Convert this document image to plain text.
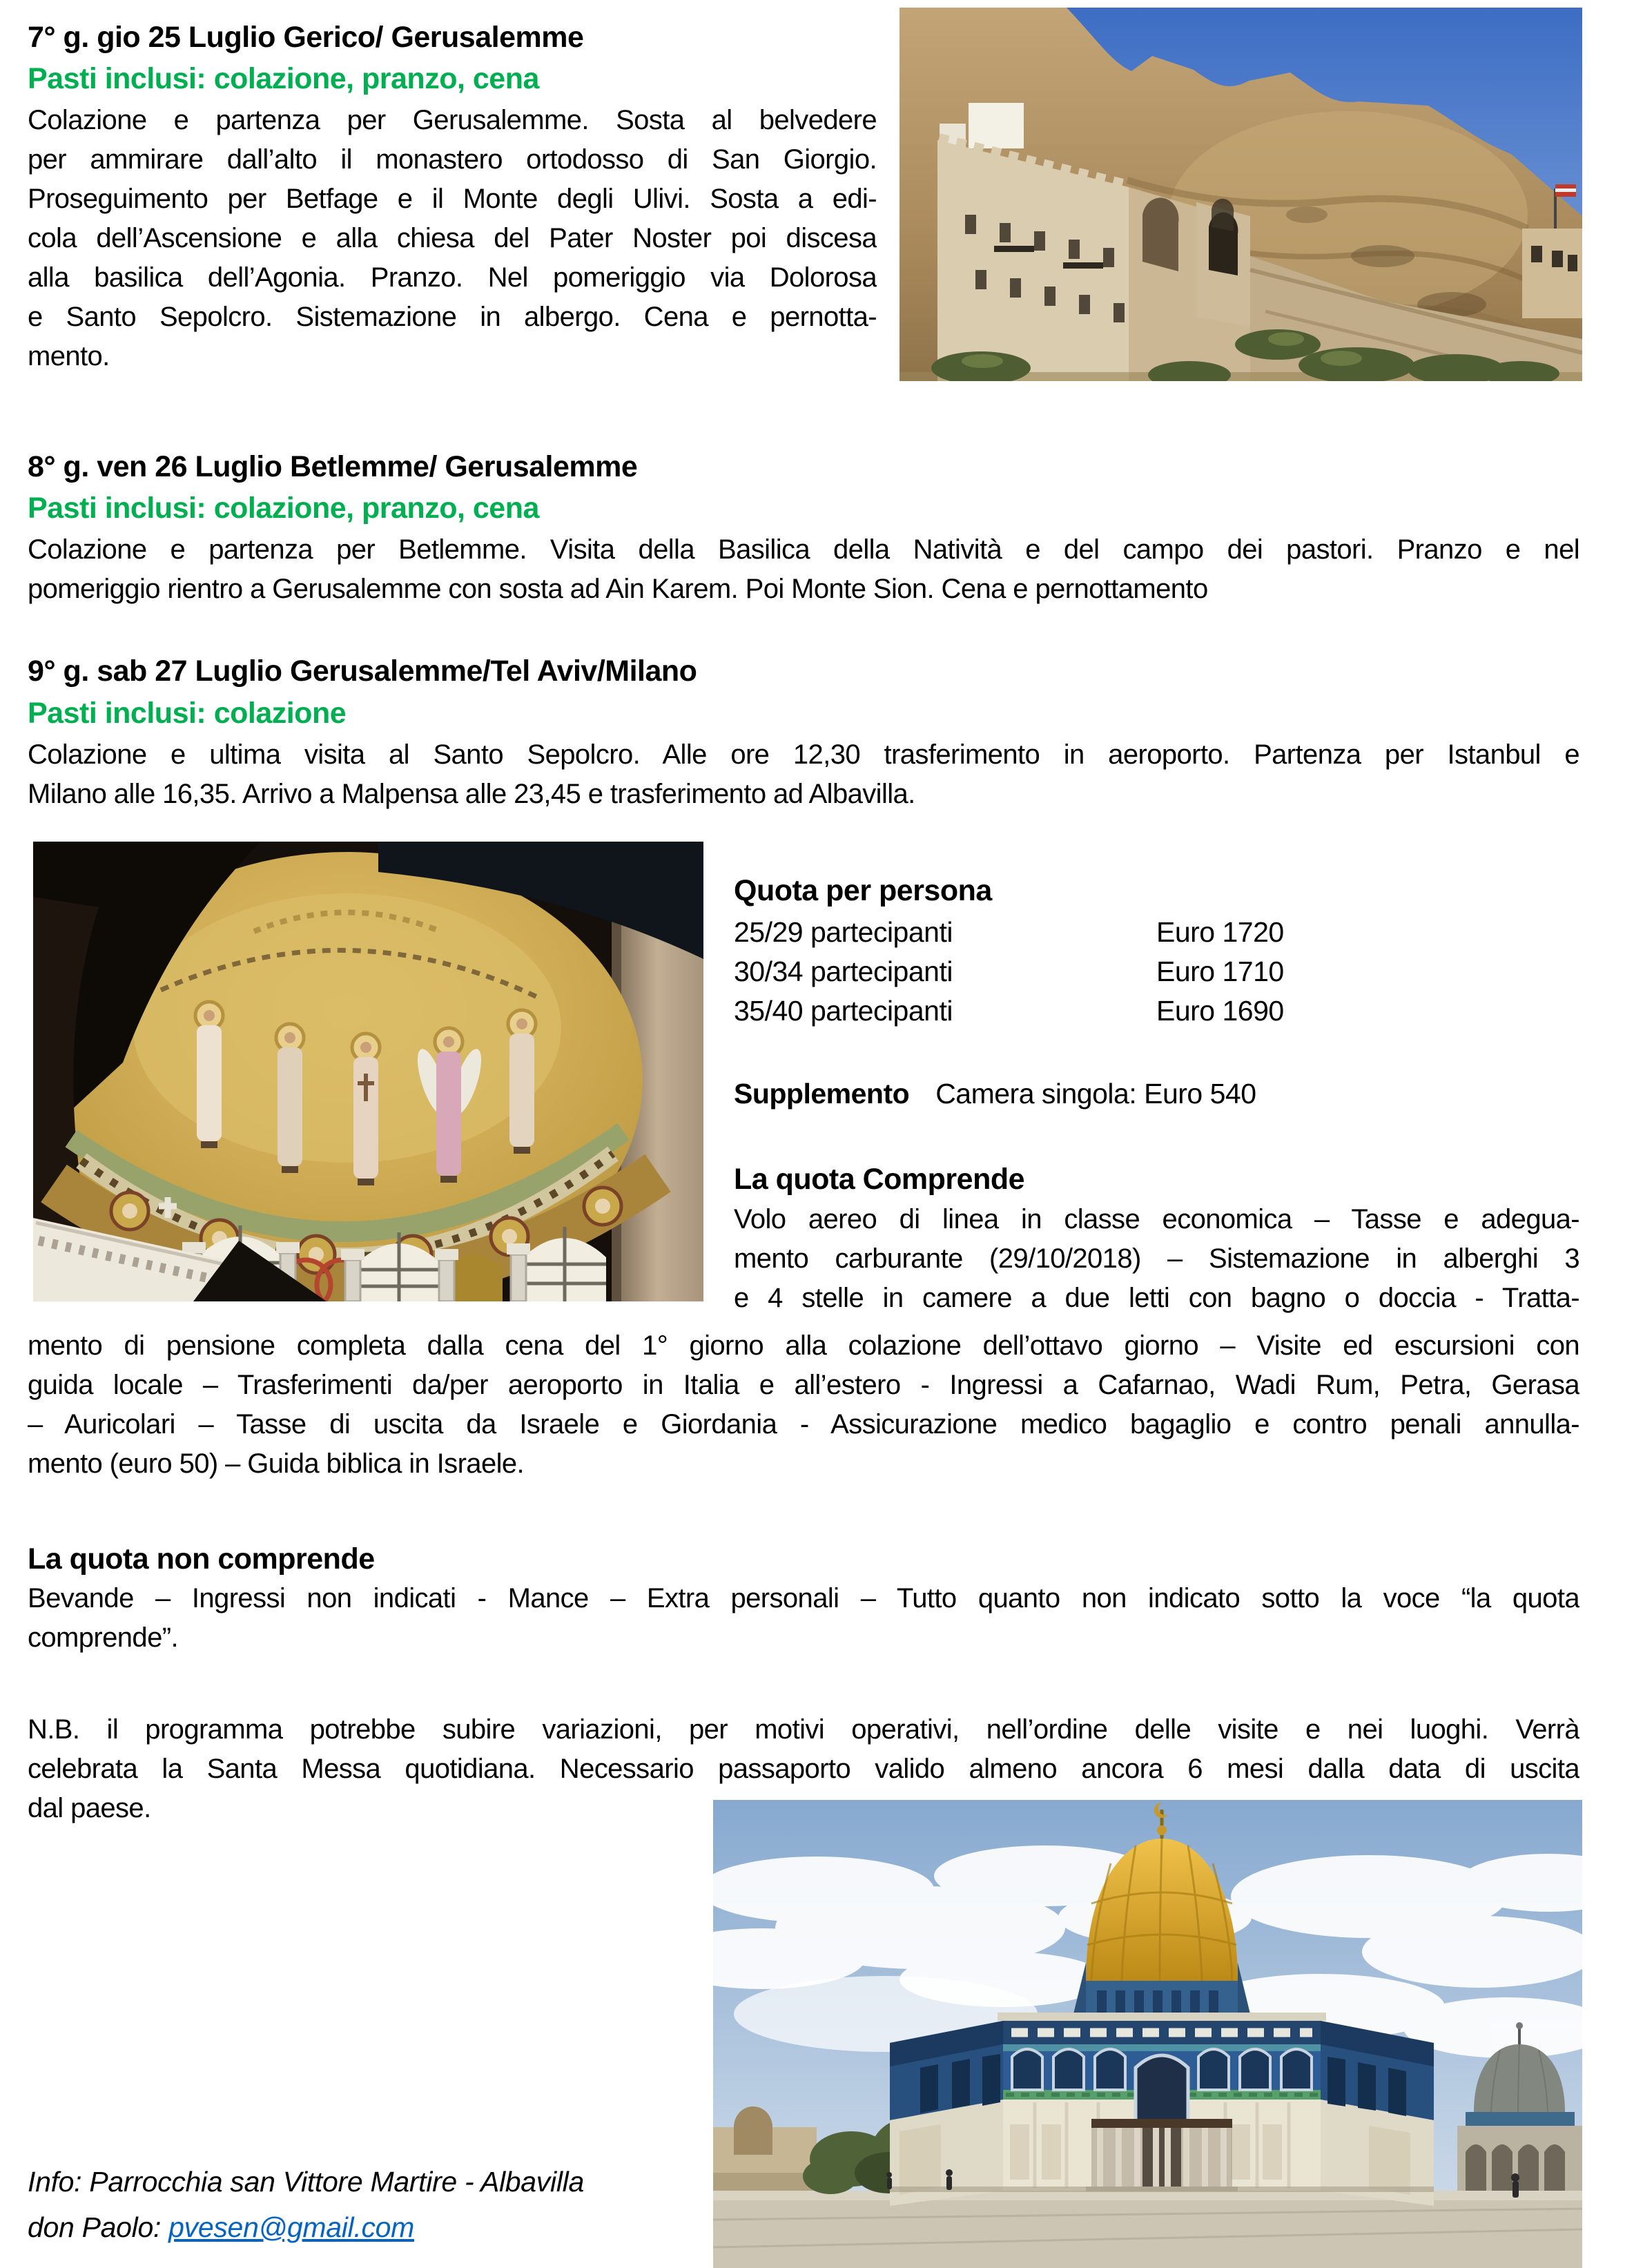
7° g. gio 25 Luglio Gerico/ Gerusalemme
Pasti inclusi: colazione, pranzo, cena
Colazione e partenza per Gerusalemme. Sosta al belvedere
per ammirare dall’alto il monastero ortodosso di San Giorgio.
Proseguimento per Betfage e il Monte degli Ulivi. Sosta a edi-
cola dell’Ascensione e alla chiesa del Pater Noster poi discesa
alla basilica dell’Agonia. Pranzo. Nel pomeriggio via Dolorosa
e Santo Sepolcro. Sistemazione in albergo. Cena e pernotta-
mento.
8° g. ven 26 Luglio Betlemme/ Gerusalemme
Pasti inclusi: colazione, pranzo, cena
Colazione e partenza per Betlemme. Visita della Basilica della Natività e del campo dei pastori. Pranzo e nel
pomeriggio rientro a Gerusalemme con sosta ad Ain Karem. Poi Monte Sion. Cena e pernottamento
9° g. sab 27 Luglio Gerusalemme/Tel Aviv/Milano
Pasti inclusi: colazione
Colazione e ultima visita al Santo Sepolcro. Alle ore 12,30 trasferimento in aeroporto. Partenza per Istanbul e
Milano alle 16,35. Arrivo a Malpensa alle 23,45 e trasferimento ad Albavilla.
Quota per persona
25/29 partecipanti	Euro 1720
30/34 partecipanti	Euro 1710
35/40 partecipanti	Euro 1690
Supplemento Camera singola: Euro 540
La quota Comprende
Volo aereo di linea in classe economica – Tasse e adegua-
mento carburante (29/10/2018) – Sistemazione in alberghi 3
e 4 stelle in camere a due letti con bagno o doccia - Tratta-
mento di pensione completa dalla cena del 1° giorno alla colazione dell’ottavo giorno – Visite ed escursioni con
guida locale – Trasferimenti da/per aeroporto in Italia e all’estero - Ingressi a Cafarnao, Wadi Rum, Petra, Gerasa
– Auricolari – Tasse di uscita da Israele e Giordania - Assicurazione medico bagaglio e contro penali annulla-
mento (euro 50) – Guida biblica in Israele.
La quota non comprende
Bevande – Ingressi non indicati - Mance – Extra personali – Tutto quanto non indicato sotto la voce “la quota
comprende”.
N.B. il programma potrebbe subire variazioni, per motivi operativi, nell’ordine delle visite e nei luoghi. Verrà
celebrata la Santa Messa quotidiana. Necessario passaporto valido almeno ancora 6 mesi dalla data di uscita
dal paese.
Info: Parrocchia san Vittore Martire - Albavilla
don Paolo: pvesen@gmail.com
